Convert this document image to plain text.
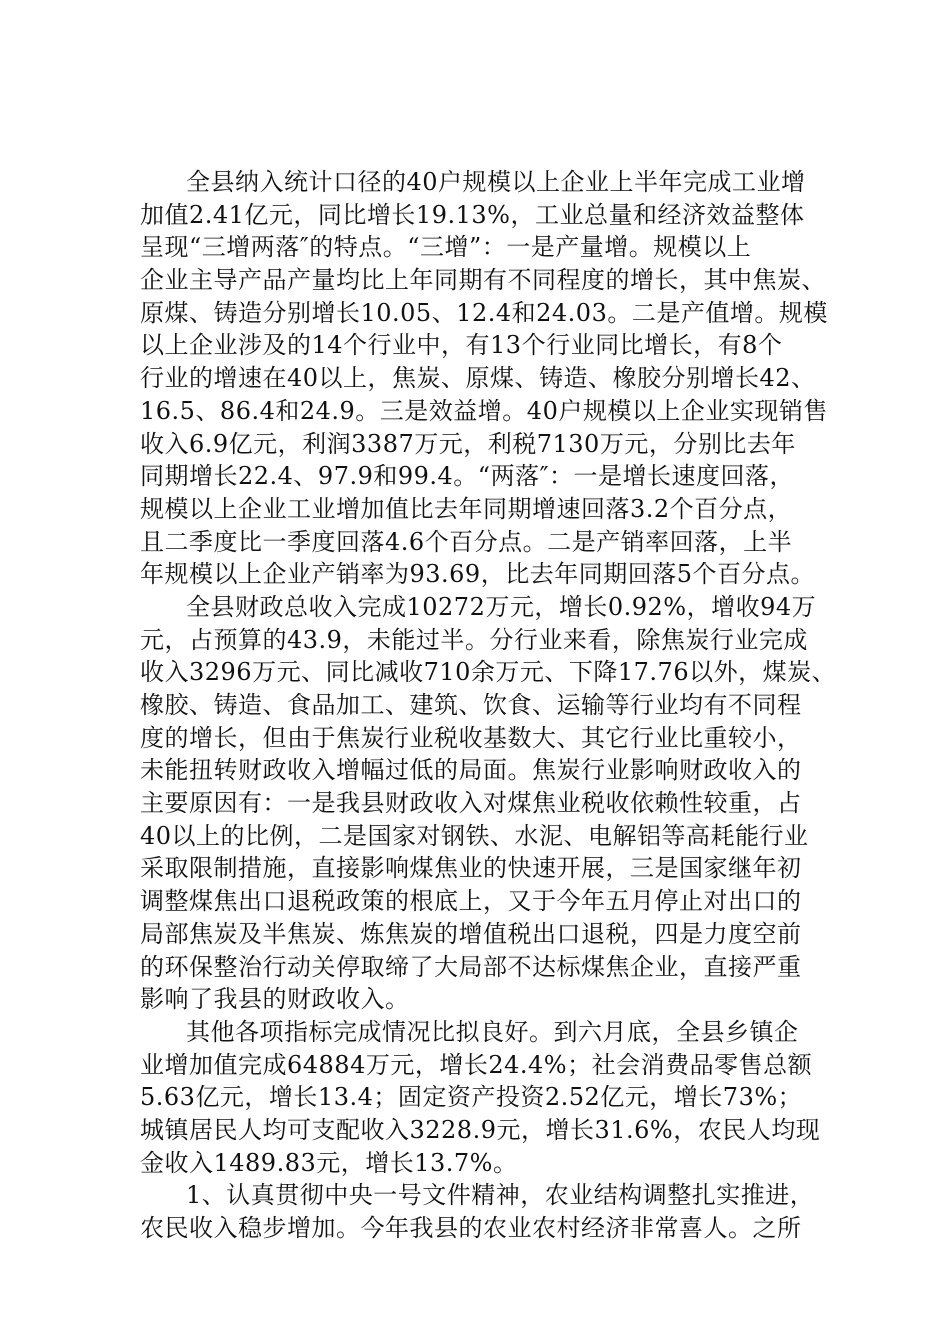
全县纳入统计口径的40户规模以上企业上半年完成工业增
加值2.41亿元，同比增长19.13%，工业总量和经济效益整体
呈现“三增两落″的特点。“三增”：一是产量增。规模以上
企业主导产品产量均比上年同期有不同程度的增长，其中焦炭、
原煤、铸造分别增长10.05、12.4和24.03。二是产值增。规模
以上企业涉及的14个行业中，有13个行业同比增长，有8个
行业的增速在40以上，焦炭、原煤、铸造、橡胶分别增长42、
16.5、86.4和24.9。三是效益增。40户规模以上企业实现销售
收入6.9亿元，利润3387万元，利税7130万元，分别比去年
同期增长22.4、97.9和99.4。“两落″：一是增长速度回落，
规模以上企业工业增加值比去年同期增速回落3.2个百分点，
且二季度比一季度回落4.6个百分点。二是产销率回落，上半
年规模以上企业产销率为93.69，比去年同期回落5个百分点。
全县财政总收入完成10272万元，增长0.92%，增收94万
元，占预算的43.9，未能过半。分行业来看，除焦炭行业完成
收入3296万元、同比减收710余万元、下降17.76以外，煤炭、
橡胶、铸造、食品加工、建筑、饮食、运输等行业均有不同程
度的增长，但由于焦炭行业税收基数大、其它行业比重较小，
未能扭转财政收入增幅过低的局面。焦炭行业影响财政收入的
主要原因有：一是我县财政收入对煤焦业税收依赖性较重，占
40以上的比例，二是国家对钢铁、水泥、电解铝等高耗能行业
采取限制措施，直接影响煤焦业的快速开展，三是国家继年初
调整煤焦出口退税政策的根底上，又于今年五月停止对出口的
局部焦炭及半焦炭、炼焦炭的增值税出口退税，四是力度空前
的环保整治行动关停取缔了大局部不达标煤焦企业，直接严重
影响了我县的财政收入。
其他各项指标完成情况比拟良好。到六月底，全县乡镇企
业增加值完成64884万元，增长24.4%；社会消费品零售总额
5.63亿元，增长13.4；固定资产投资2.52亿元，增长73%；
城镇居民人均可支配收入3228.9元，增长31.6%，农民人均现
金收入1489.83元，增长13.7%。
1、认真贯彻中央一号文件精神，农业结构调整扎实推进，
农民收入稳步增加。今年我县的农业农村经济非常喜人。之所
